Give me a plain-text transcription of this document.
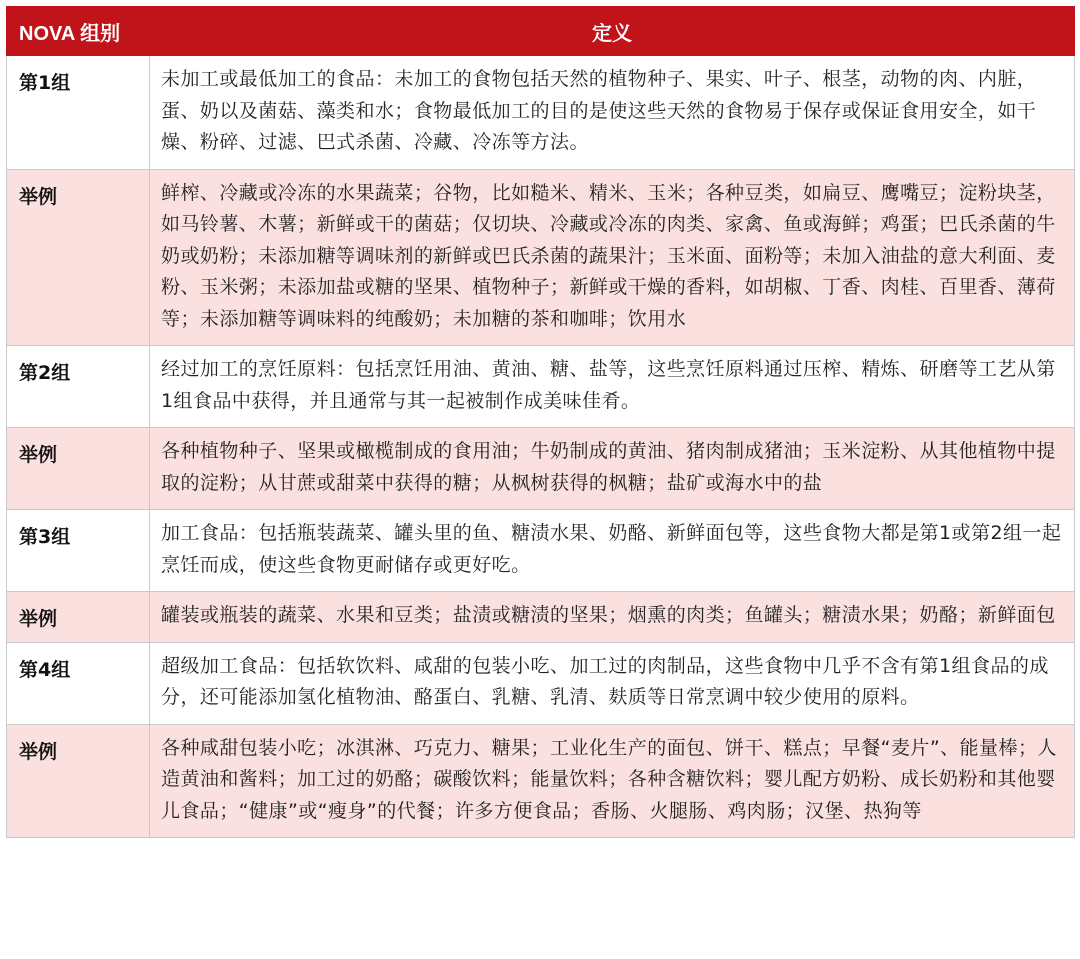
NOVA 组别	定义
第1组	未加工或最低加工的食品：未加工的食物包括天然的植物种子、果实、叶子、根茎，动物的肉、内脏，蛋、奶以及菌菇、藻类和水；食物最低加工的目的是使这些天然的食物易于保存或保证食用安全，如干燥、粉碎、过滤、巴式杀菌、冷藏、冷冻等方法。
举例	鲜榨、冷藏或冷冻的水果蔬菜；谷物，比如糙米、精米、玉米；各种豆类，如扁豆、鹰嘴豆；淀粉块茎，如马铃薯、木薯；新鲜或干的菌菇；仅切块、冷藏或冷冻的肉类、家禽、鱼或海鲜；鸡蛋；巴氏杀菌的牛奶或奶粉；未添加糖等调味剂的新鲜或巴氏杀菌的蔬果汁；玉米面、面粉等；未加入油盐的意大利面、麦粉、玉米粥；未添加盐或糖的坚果、植物种子；新鲜或干燥的香料，如胡椒、丁香、肉桂、百里香、薄荷等；未添加糖等调味料的纯酸奶；未加糖的茶和咖啡；饮用水
第2组	经过加工的烹饪原料：包括烹饪用油、黄油、糖、盐等，这些烹饪原料通过压榨、精炼、研磨等工艺从第1组食品中获得，并且通常与其一起被制作成美味佳肴。
举例	各种植物种子、坚果或橄榄制成的食用油；牛奶制成的黄油、猪肉制成猪油；玉米淀粉、从其他植物中提取的淀粉；从甘蔗或甜菜中获得的糖；从枫树获得的枫糖；盐矿或海水中的盐
第3组	加工食品：包括瓶装蔬菜、罐头里的鱼、糖渍水果、奶酪、新鲜面包等，这些食物大都是第1或第2组一起烹饪而成，使这些食物更耐储存或更好吃。
举例	罐装或瓶装的蔬菜、水果和豆类；盐渍或糖渍的坚果；烟熏的肉类；鱼罐头；糖渍水果；奶酪；新鲜面包
第4组	超级加工食品：包括软饮料、咸甜的包装小吃、加工过的肉制品，这些食物中几乎不含有第1组食品的成分，还可能添加氢化植物油、酪蛋白、乳糖、乳清、麸质等日常烹调中较少使用的原料。
举例	各种咸甜包装小吃；冰淇淋、巧克力、糖果；工业化生产的面包、饼干、糕点；早餐“麦片”、能量棒；人造黄油和酱料；加工过的奶酪；碳酸饮料；能量饮料；各种含糖饮料；婴儿配方奶粉、成长奶粉和其他婴儿食品；“健康”或“瘦身”的代餐；许多方便食品；香肠、火腿肠、鸡肉肠；汉堡、热狗等
